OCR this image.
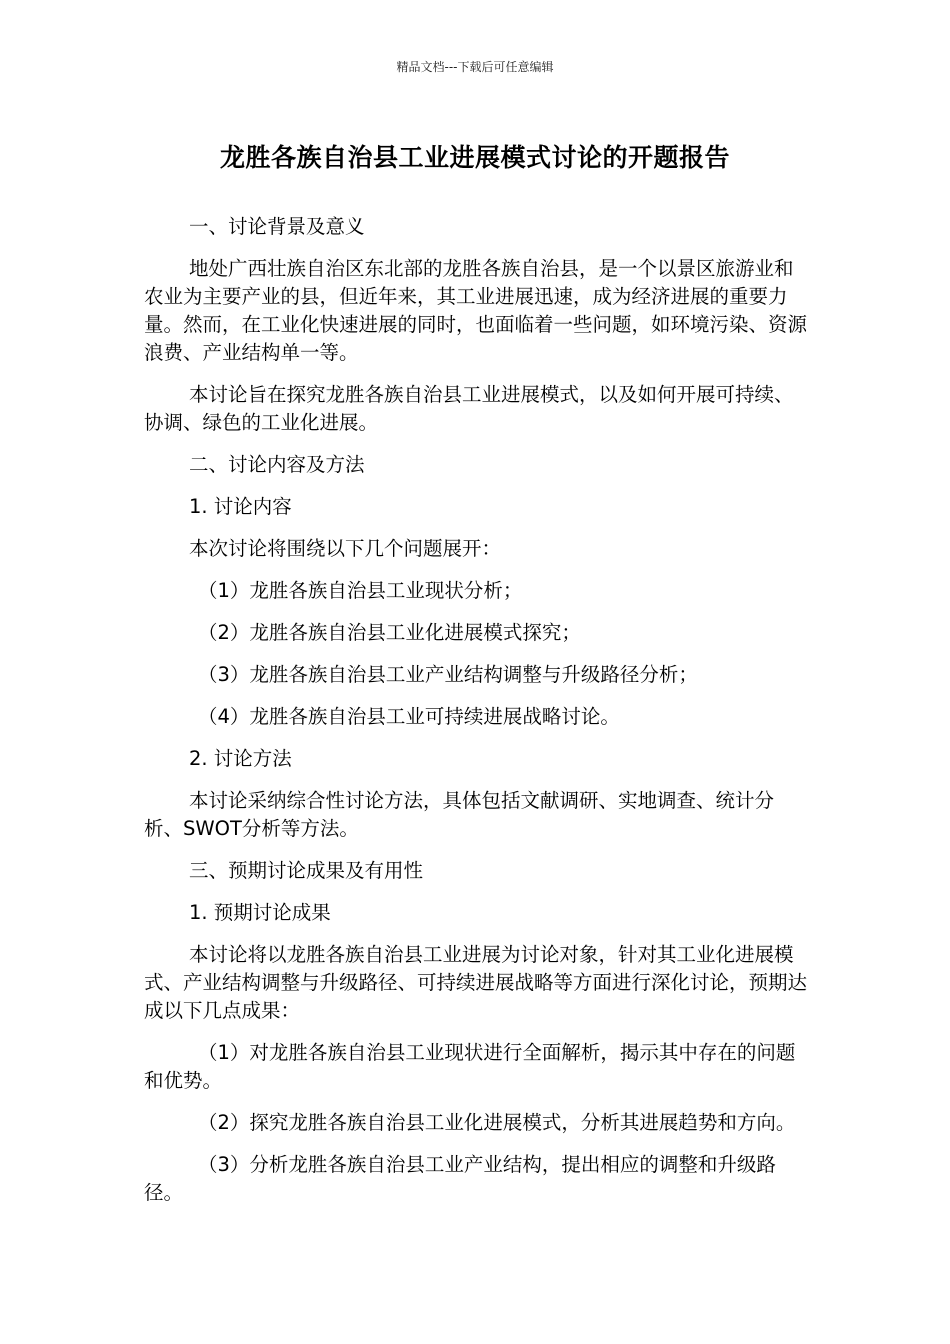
精品文档---下载后可任意编辑
龙胜各族自治县工业进展模式讨论的开题报告

一、讨论背景及意义

地处广西壮族自治区东北部的龙胜各族自治县，是一个以景区旅游业和农业为主要产业的县，但近年来，其工业进展迅速，成为经济进展的重要力量。然而，在工业化快速进展的同时，也面临着一些问题，如环境污染、资源浪费、产业结构单一等。

本讨论旨在探究龙胜各族自治县工业进展模式，以及如何开展可持续、协调、绿色的工业化进展。

二、讨论内容及方法

1. 讨论内容

本次讨论将围绕以下几个问题展开：

（1）龙胜各族自治县工业现状分析；

（2）龙胜各族自治县工业化进展模式探究；

（3）龙胜各族自治县工业产业结构调整与升级路径分析；

（4）龙胜各族自治县工业可持续进展战略讨论。

2. 讨论方法

本讨论采纳综合性讨论方法，具体包括文献调研、实地调查、统计分析、SWOT分析等方法。

三、预期讨论成果及有用性

1. 预期讨论成果

本讨论将以龙胜各族自治县工业进展为讨论对象，针对其工业化进展模式、产业结构调整与升级路径、可持续进展战略等方面进行深化讨论，预期达成以下几点成果：

（1）对龙胜各族自治县工业现状进行全面解析，揭示其中存在的问题和优势。

（2）探究龙胜各族自治县工业化进展模式，分析其进展趋势和方向。

（3）分析龙胜各族自治县工业产业结构，提出相应的调整和升级路径。
